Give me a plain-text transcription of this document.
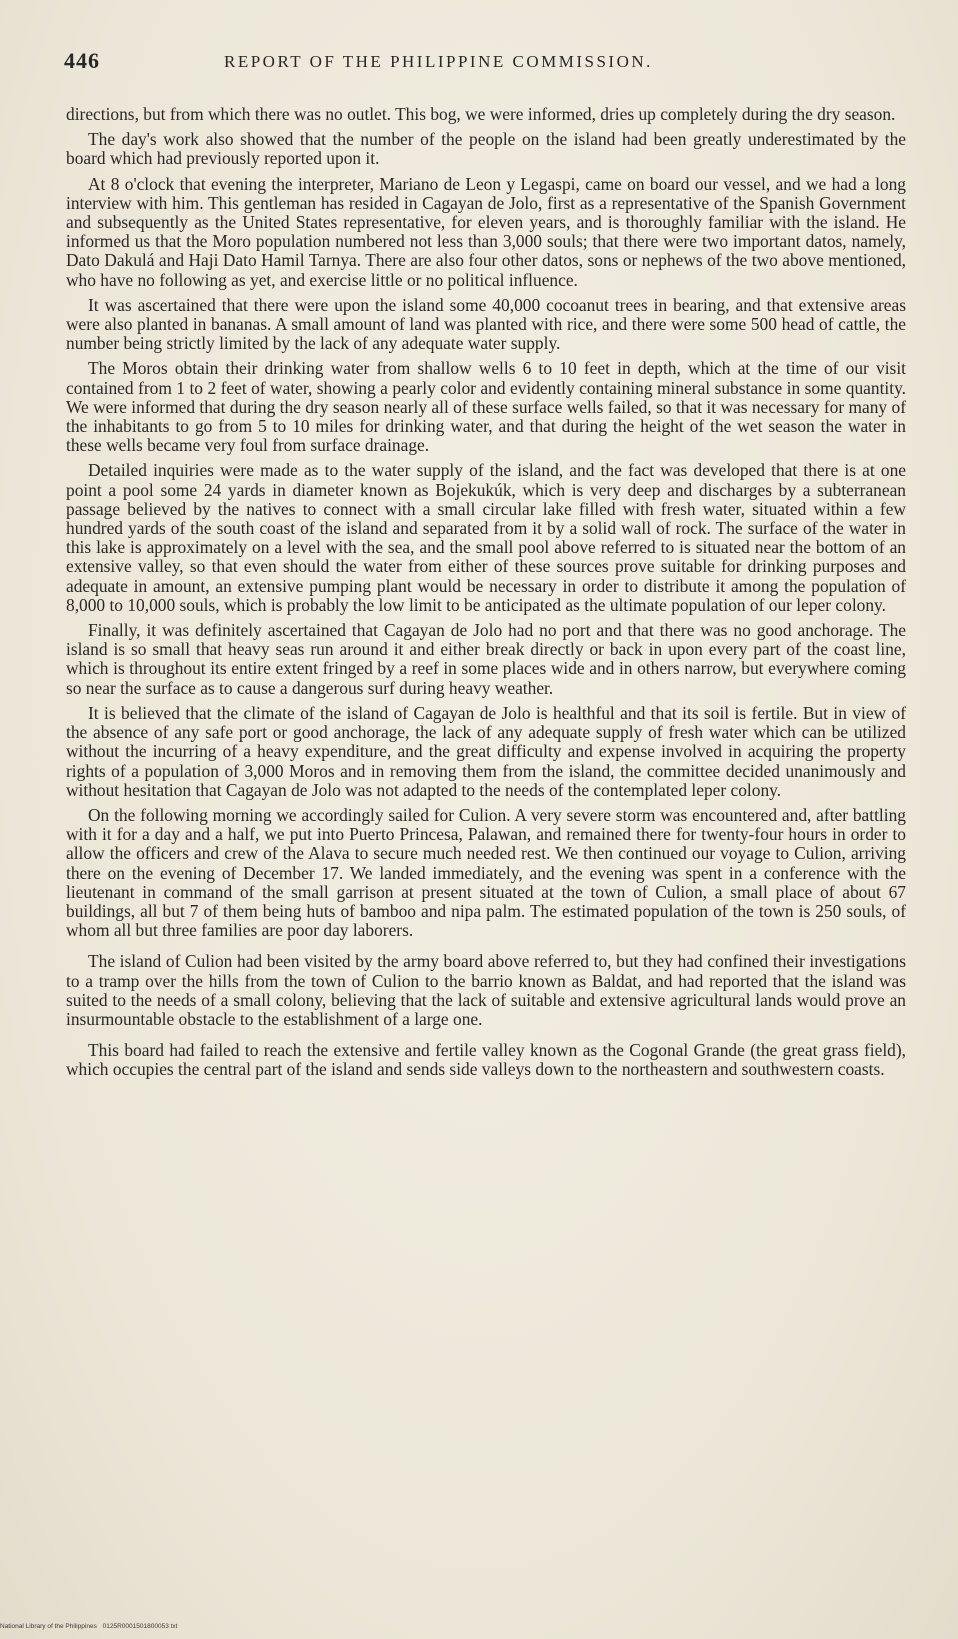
446	REPORT OF THE PHILIPPINE COMMISSION.

directions, but from which there was no outlet. This bog, we were informed, dries up completely during the dry season.

The day's work also showed that the number of the people on the island had been greatly underestimated by the board which had previously reported upon it.

At 8 o'clock that evening the interpreter, Mariano de Leon y Legaspi, came on board our vessel, and we had a long interview with him. This gentleman has resided in Cagayan de Jolo, first as a representative of the Spanish Government and subsequently as the United States representative, for eleven years, and is thoroughly familiar with the island. He informed us that the Moro population numbered not less than 3,000 souls; that there were two important datos, namely, Dato Dakulá and Haji Dato Hamil Tarnya. There are also four other datos, sons or nephews of the two above mentioned, who have no following as yet, and exercise little or no political influence.

It was ascertained that there were upon the island some 40,000 cocoanut trees in bearing, and that extensive areas were also planted in bananas. A small amount of land was planted with rice, and there were some 500 head of cattle, the number being strictly limited by the lack of any adequate water supply.

The Moros obtain their drinking water from shallow wells 6 to 10 feet in depth, which at the time of our visit contained from 1 to 2 feet of water, showing a pearly color and evidently containing mineral substance in some quantity. We were informed that during the dry season nearly all of these surface wells failed, so that it was necessary for many of the inhabitants to go from 5 to 10 miles for drinking water, and that during the height of the wet season the water in these wells became very foul from surface drainage.

Detailed inquiries were made as to the water supply of the island, and the fact was developed that there is at one point a pool some 24 yards in diameter known as Bojekukúk, which is very deep and discharges by a subterranean passage believed by the natives to connect with a small circular lake filled with fresh water, situated within a few hundred yards of the south coast of the island and separated from it by a solid wall of rock. The surface of the water in this lake is approximately on a level with the sea, and the small pool above referred to is situated near the bottom of an extensive valley, so that even should the water from either of these sources prove suitable for drinking purposes and adequate in amount, an extensive pumping plant would be necessary in order to distribute it among the population of 8,000 to 10,000 souls, which is probably the low limit to be anticipated as the ultimate population of our leper colony.

Finally, it was definitely ascertained that Cagayan de Jolo had no port and that there was no good anchorage. The island is so small that heavy seas run around it and either break directly or back in upon every part of the coast line, which is throughout its entire extent fringed by a reef in some places wide and in others narrow, but everywhere coming so near the surface as to cause a dangerous surf during heavy weather.

It is believed that the climate of the island of Cagayan de Jolo is healthful and that its soil is fertile. But in view of the absence of any safe port or good anchorage, the lack of any adequate supply of fresh water which can be utilized without the incurring of a heavy expenditure, and the great difficulty and expense involved in acquiring the property rights of a population of 3,000 Moros and in removing them from the island, the committee decided unanimously and without hesitation that Cagayan de Jolo was not adapted to the needs of the contemplated leper colony.

On the following morning we accordingly sailed for Culion. A very severe storm was encountered and, after battling with it for a day and a half, we put into Puerto Princesa, Palawan, and remained there for twenty-four hours in order to allow the officers and crew of the Alava to secure much needed rest. We then continued our voyage to Culion, arriving there on the evening of December 17. We landed immediately, and the evening was spent in a conference with the lieutenant in command of the small garrison at present situated at the town of Culion, a small place of about 67 buildings, all but 7 of them being huts of bamboo and nipa palm. The estimated population of the town is 250 souls, of whom all but three families are poor day laborers.

The island of Culion had been visited by the army board above referred to, but they had confined their investigations to a tramp over the hills from the town of Culion to the barrio known as Baldat, and had reported that the island was suited to the needs of a small colony, believing that the lack of suitable and extensive agricultural lands would prove an insurmountable obstacle to the establishment of a large one.

This board had failed to reach the extensive and fertile valley known as the Cogonal Grande (the great grass field), which occupies the central part of the island and sends side valleys down to the northeastern and southwestern coasts.

National Library of the Philippines 0125R0001501800053 txt
